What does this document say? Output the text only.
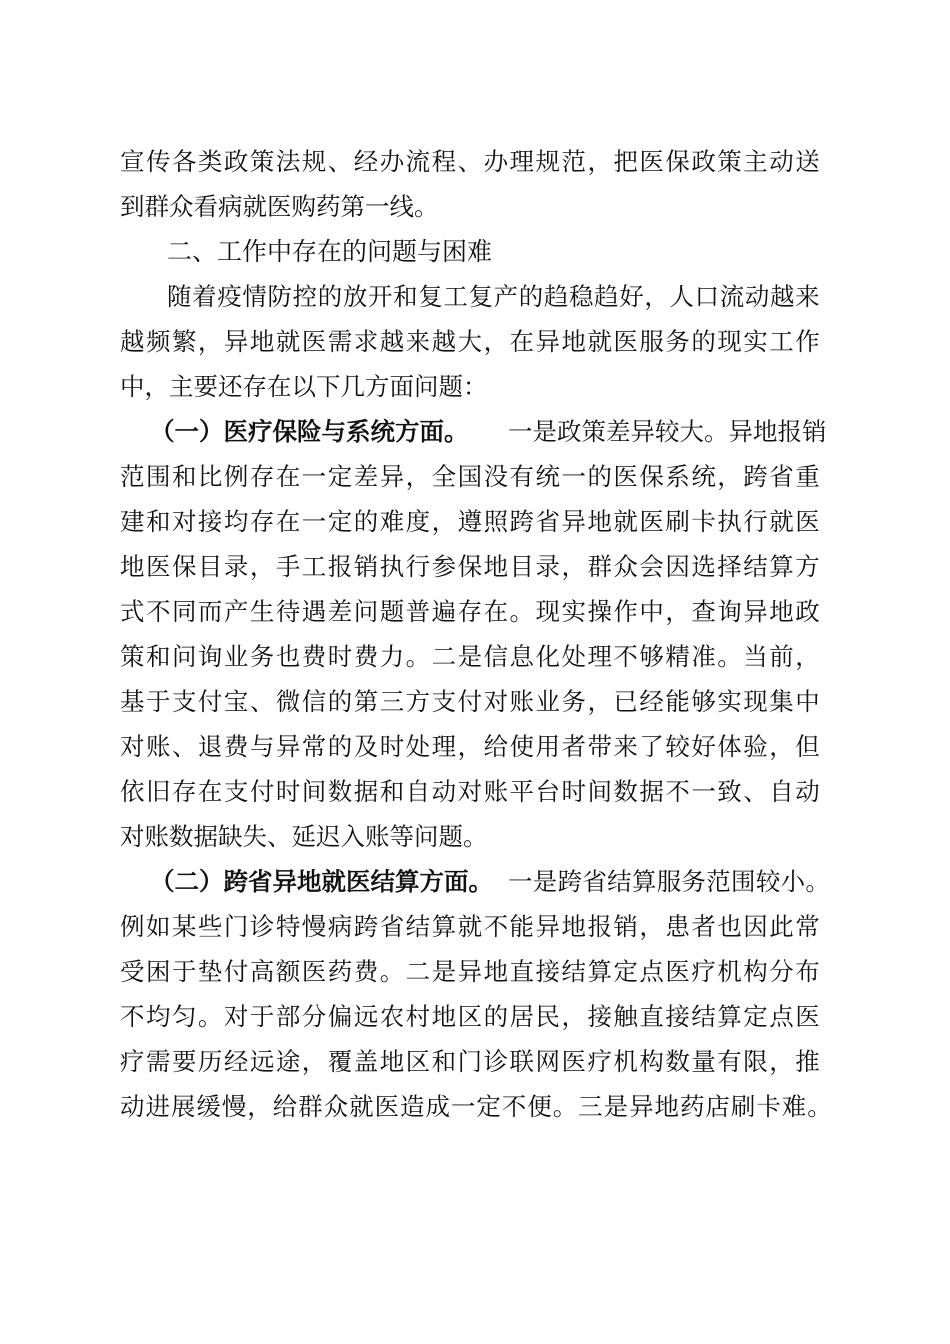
宣 传 各 类 政 策 法 规 、 经 办 流 程 、 办 理 规 范 ， 把 医 保 政 策 主 动 送
到群众看病就医购药第一线。
二、工作中存在的问题与困难
随 着 疫 情 防 控 的 放 开 和 复 工 复 产 的 趋 稳 趋 好 ， 人 口 流 动 越 来
越 频 繁 ， 异 地 就 医 需 求 越 来 越 大 ， 在 异 地 就 医 服 务 的 现 实 工 作
中，主要还存在以下几方面问题：
（一）医疗保险与系统方面。 一 是 政 策 差 异 较 大 。 异 地 报 销
范 围 和 比 例 存 在 一 定 差 异 ， 全 国 没 有 统 一 的 医 保 系 统 ， 跨 省 重
建 和 对 接 均 存 在 一 定 的 难 度 ， 遵 照 跨 省 异 地 就 医 刷 卡 执 行 就 医
地 医 保 目 录 ， 手 工 报 销 执 行 参 保 地 目 录 ， 群 众 会 因 选 择 结 算 方
式 不 同 而 产 生 待 遇 差 问 题 普 遍 存 在 。 现 实 操 作 中 ， 查 询 异 地 政
策 和 问 询 业 务 也 费 时 费 力 。 二 是 信 息 化 处 理 不 够 精 准 。 当 前 ，
基 于 支 付 宝 、 微 信 的 第 三 方 支 付 对 账 业 务 ， 已 经 能 够 实 现 集 中
对 账 、 退 费 与 异 常 的 及 时 处 理 ， 给 使 用 者 带 来 了 较 好 体 验 ， 但
依 旧 存 在 支 付 时 间 数 据 和 自 动 对 账 平 台 时 间 数 据 不 一 致 、 自 动
对账数据缺失、延迟入账等问题。
（二）跨省异地就医结算方面。 一 是 跨 省 结 算 服 务 范 围 较 小 。
例 如 某 些 门 诊 特 慢 病 跨 省 结 算 就 不 能 异 地 报 销 ， 患 者 也 因 此 常
受 困 于 垫 付 高 额 医 药 费 。 二 是 异 地 直 接 结 算 定 点 医 疗 机 构 分 布
不 均 匀 。 对 于 部 分 偏 远 农 村 地 区 的 居 民 ， 接 触 直 接 结 算 定 点 医
疗 需 要 历 经 远 途 ， 覆 盖 地 区 和 门 诊 联 网 医 疗 机 构 数 量 有 限 ， 推
动 进 展 缓 慢 ， 给 群 众 就 医 造 成 一 定 不 便 。 三 是 异 地 药 店 刷 卡 难 。
